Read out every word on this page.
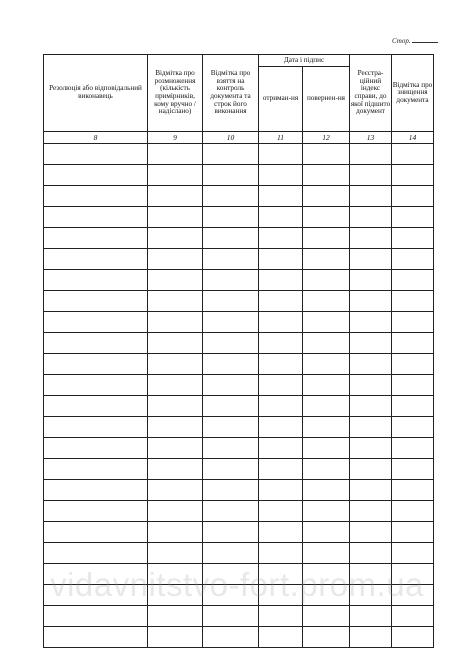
Стор.
Резолюція або відповідальний виконавець	Відмітка про розмноження (кількість примірників, кому вручно /надіслано)	Відмітка про взяття на контроль документа та строк його виконання	Дата і підпис		Реєстра-ційний індекс справи, до якої підшито документ	Відмітка про знищення документа
			отриман-ня	повернен-ня		
8	9	10	11	12	13	14

vidavnitstvo-fort.prom.ua
